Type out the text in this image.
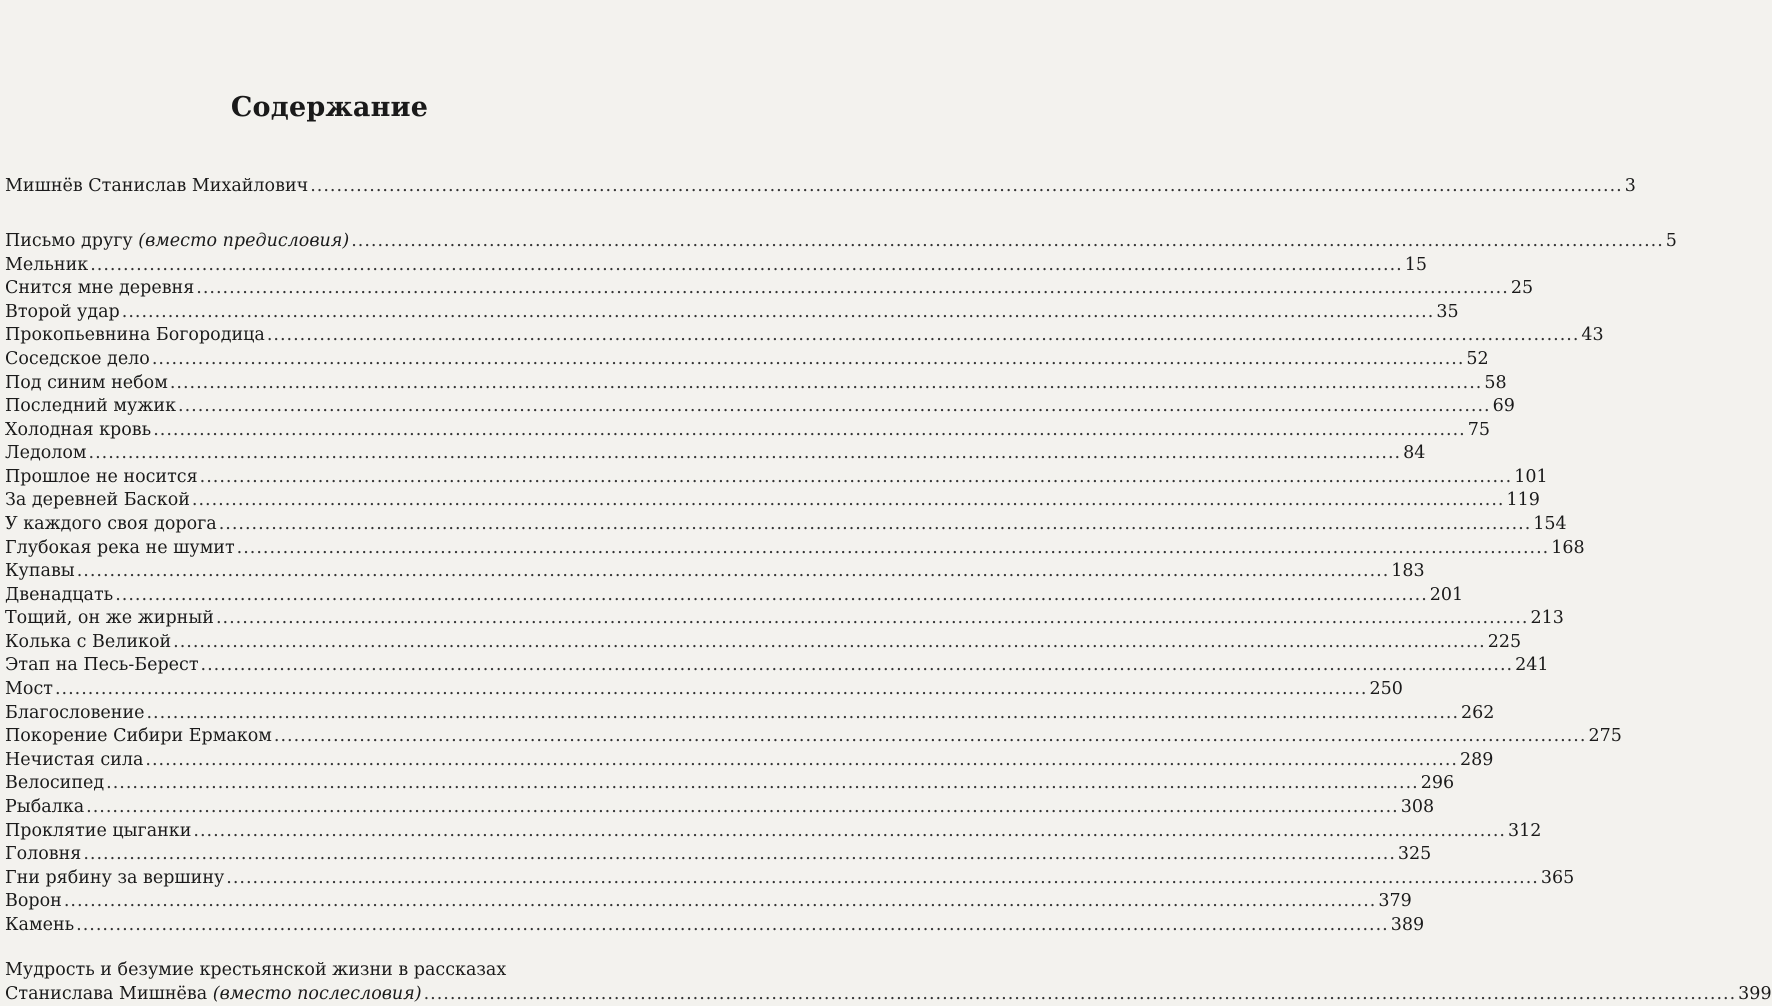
Содержание
Мишнёв Станислав Михайлович ........................................................................................................................................................................................................ 3
Письмо другу (вместо предисловия) ........................................................................................................................................................................................................ 5
Мельник ........................................................................................................................................................................................................ 15
Снится мне деревня ........................................................................................................................................................................................................ 25
Второй удар ........................................................................................................................................................................................................ 35
Прокопьевнина Богородица ........................................................................................................................................................................................................ 43
Соседское дело ........................................................................................................................................................................................................ 52
Под синим небом ........................................................................................................................................................................................................ 58
Последний мужик ........................................................................................................................................................................................................ 69
Холодная кровь ........................................................................................................................................................................................................ 75
Ледолом ........................................................................................................................................................................................................ 84
Прошлое не носится ........................................................................................................................................................................................................ 101
За деревней Баской ........................................................................................................................................................................................................ 119
У каждого своя дорога ........................................................................................................................................................................................................ 154
Глубокая река не шумит ........................................................................................................................................................................................................ 168
Купавы ........................................................................................................................................................................................................ 183
Двенадцать ........................................................................................................................................................................................................ 201
Тощий, он же жирный ........................................................................................................................................................................................................ 213
Колька с Великой ........................................................................................................................................................................................................ 225
Этап на Песь-Берест ........................................................................................................................................................................................................ 241
Мост ........................................................................................................................................................................................................ 250
Благословение ........................................................................................................................................................................................................ 262
Покорение Сибири Ермаком ........................................................................................................................................................................................................ 275
Нечистая сила ........................................................................................................................................................................................................ 289
Велосипед ........................................................................................................................................................................................................ 296
Рыбалка ........................................................................................................................................................................................................ 308
Проклятие цыганки ........................................................................................................................................................................................................ 312
Головня ........................................................................................................................................................................................................ 325
Гни рябину за вершину ........................................................................................................................................................................................................ 365
Ворон ........................................................................................................................................................................................................ 379
Камень ........................................................................................................................................................................................................ 389
Мудрость и безумие крестьянской жизни в рассказах
Станислава Мишнёва (вместо послесловия) ........................................................................................................................................................................................................ 399
